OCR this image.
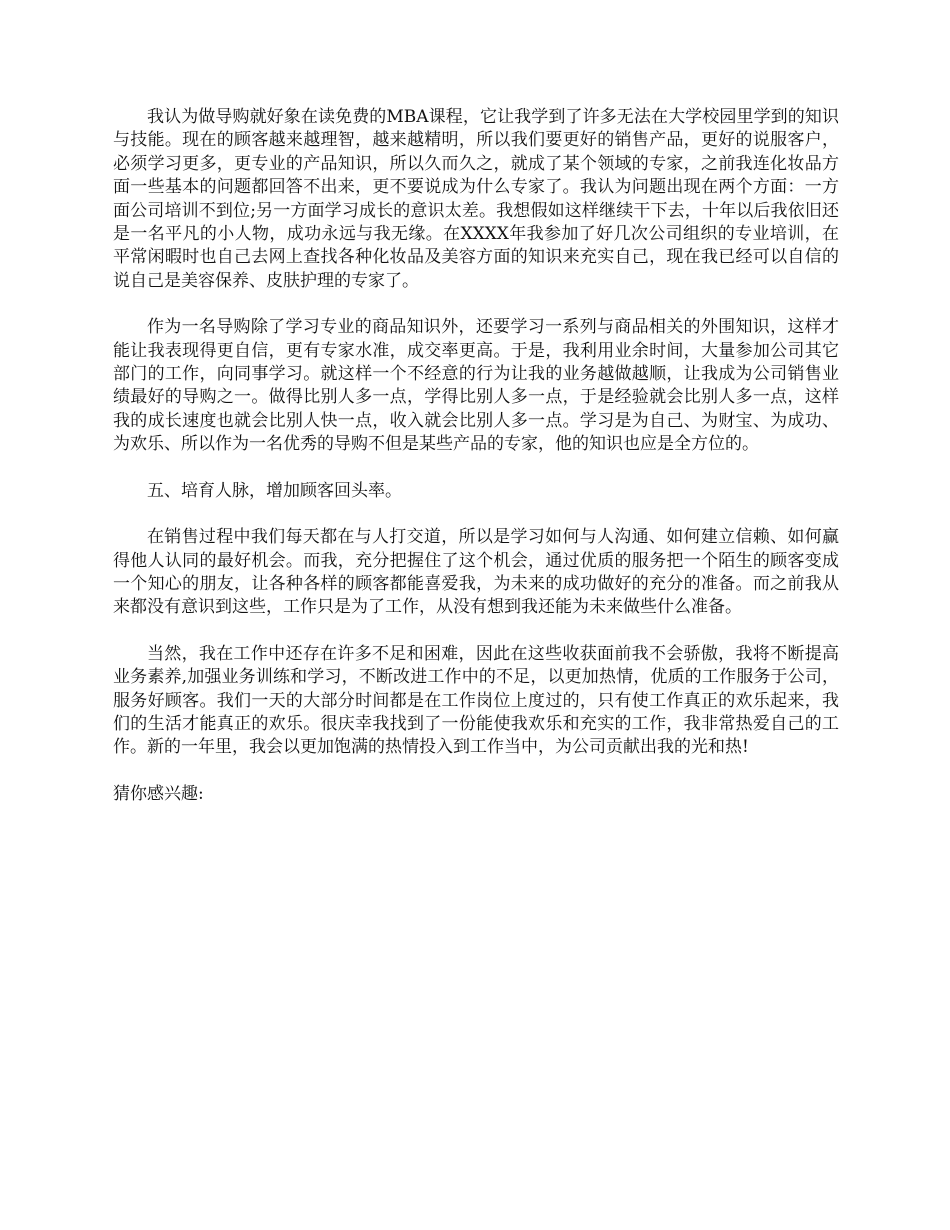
我认为做导购就好象在读免费的MBA课程，它让我学到了许多无法在大学校园里学到的知识与技能。现在的顾客越来越理智，越来越精明，所以我们要更好的销售产品，更好的说服客户，必须学习更多，更专业的产品知识，所以久而久之，就成了某个领域的专家，之前我连化妆品方面一些基本的问题都回答不出来，更不要说成为什么专家了。我认为问题出现在两个方面：一方面公司培训不到位;另一方面学习成长的意识太差。我想假如这样继续干下去，十年以后我依旧还是一名平凡的小人物，成功永远与我无缘。在XXXX年我参加了好几次公司组织的专业培训，在平常闲暇时也自己去网上查找各种化妆品及美容方面的知识来充实自己，现在我已经可以自信的说自己是美容保养、皮肤护理的专家了。

作为一名导购除了学习专业的商品知识外，还要学习一系列与商品相关的外围知识，这样才能让我表现得更自信，更有专家水准，成交率更高。于是，我利用业余时间，大量参加公司其它部门的工作，向同事学习。就这样一个不经意的行为让我的业务越做越顺，让我成为公司销售业绩最好的导购之一。做得比别人多一点，学得比别人多一点，于是经验就会比别人多一点，这样我的成长速度也就会比别人快一点，收入就会比别人多一点。学习是为自己、为财宝、为成功、为欢乐、所以作为一名优秀的导购不但是某些产品的专家，他的知识也应是全方位的。

五、培育人脉，增加顾客回头率。

在销售过程中我们每天都在与人打交道，所以是学习如何与人沟通、如何建立信赖、如何赢得他人认同的最好机会。而我，充分把握住了这个机会，通过优质的服务把一个陌生的顾客变成一个知心的朋友，让各种各样的顾客都能喜爱我，为未来的成功做好的充分的准备。而之前我从来都没有意识到这些，工作只是为了工作，从没有想到我还能为未来做些什么准备。

当然，我在工作中还存在许多不足和困难，因此在这些收获面前我不会骄傲，我将不断提高业务素养,加强业务训练和学习，不断改进工作中的不足，以更加热情，优质的工作服务于公司，服务好顾客。我们一天的大部分时间都是在工作岗位上度过的，只有使工作真正的欢乐起来，我们的生活才能真正的欢乐。很庆幸我找到了一份能使我欢乐和充实的工作，我非常热爱自己的工作。新的一年里，我会以更加饱满的热情投入到工作当中，为公司贡献出我的光和热!

猜你感兴趣:
